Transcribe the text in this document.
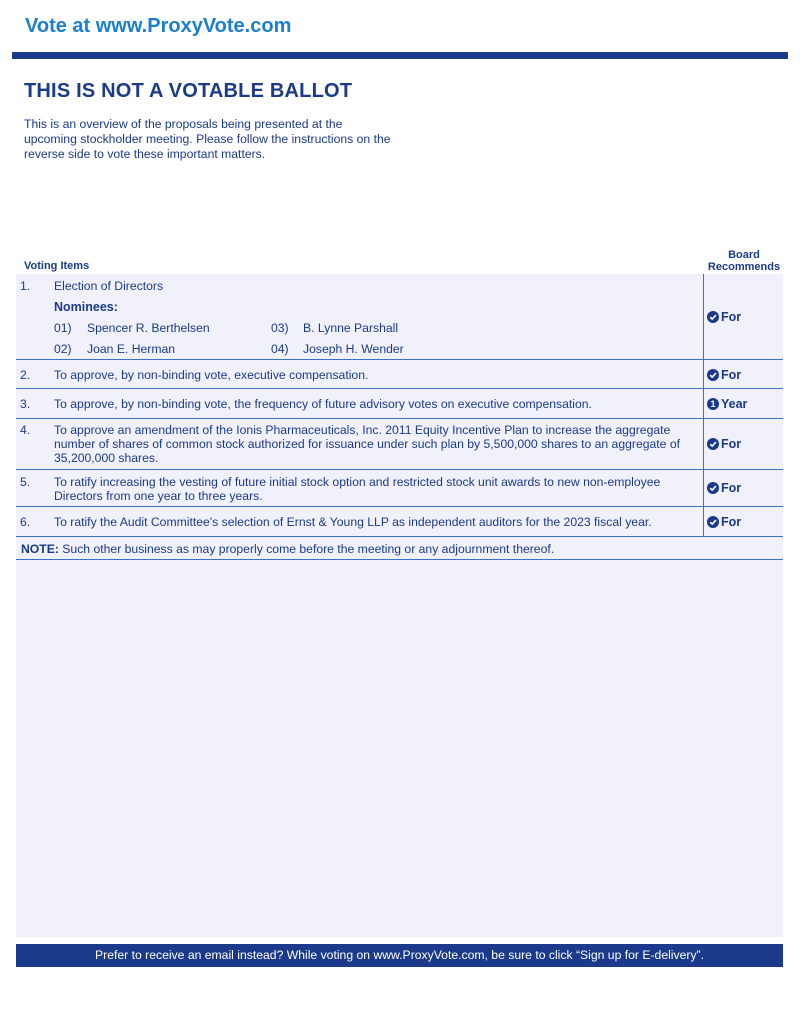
Vote at www.ProxyVote.com
THIS IS NOT A VOTABLE BALLOT
This is an overview of the proposals being presented at the upcoming stockholder meeting. Please follow the instructions on the reverse side to vote these important matters.
Voting Items
Board
Recommends
1. Election of Directors
Nominees:
01) Spencer R. Berthelsen
02) Joan E. Herman
03) B. Lynne Parshall
04) Joseph H. Wender
2. To approve, by non-binding vote, executive compensation.
3. To approve, by non-binding vote, the frequency of future advisory votes on executive compensation.
4. To approve an amendment of the Ionis Pharmaceuticals, Inc. 2011 Equity Incentive Plan to increase the aggregate number of shares of common stock authorized for issuance under such plan by 5,500,000 shares to an aggregate of 35,200,000 shares.
5. To ratify increasing the vesting of future initial stock option and restricted stock unit awards to new non-employee Directors from one year to three years.
6. To ratify the Audit Committee's selection of Ernst & Young LLP as independent auditors for the 2023 fiscal year.
NOTE: Such other business as may properly come before the meeting or any adjournment thereof.
For
For
1 Year
For
For
For
Prefer to receive an email instead? While voting on www.ProxyVote.com, be sure to click “Sign up for E-delivery”.
